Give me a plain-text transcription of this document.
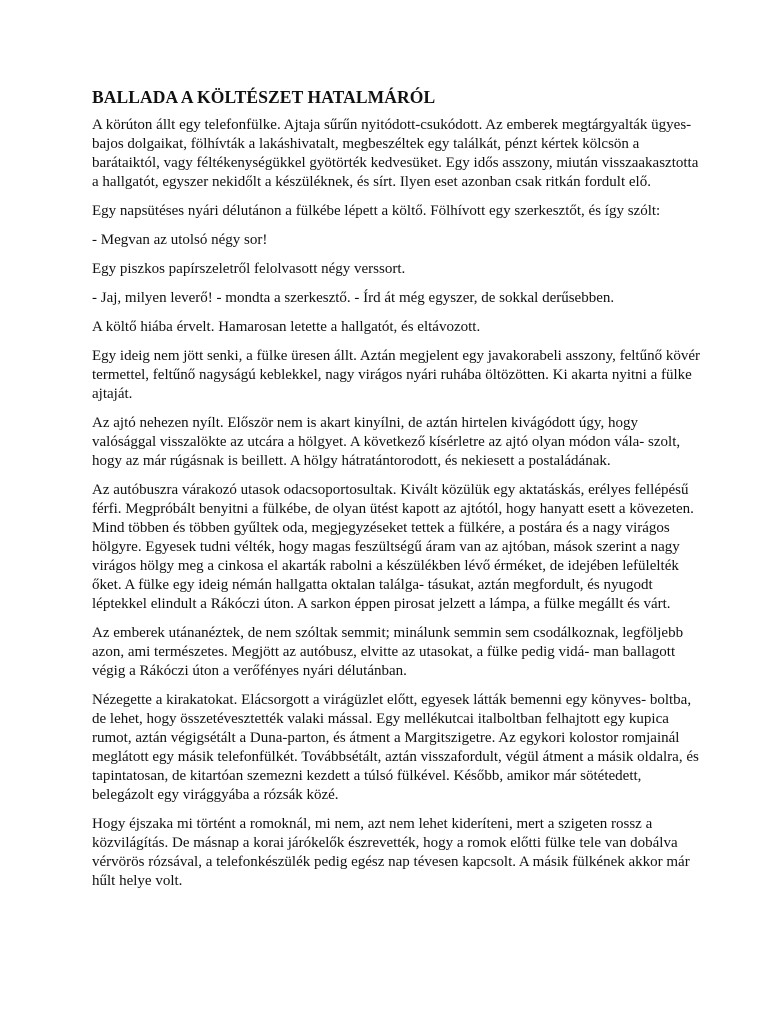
BALLADA A KÖLTÉSZET HATALMÁRÓL

A körúton állt egy telefonfülke. Ajtaja sűrűn nyitódott-csukódott. Az emberek megtárgyalták ügyes-bajos dolgaikat, fölhívták a lakáshivatalt, megbeszéltek egy találkát, pénzt kértek kölcsön a barátaiktól, vagy féltékenységükkel gyötörték kedvesüket. Egy idős asszony, miután visszaakasztotta a hallgatót, egyszer nekidőlt a készüléknek, és sírt. Ilyen eset azonban csak ritkán fordult elő.

Egy napsütéses nyári délutánon a fülkébe lépett a költő. Fölhívott egy szerkesztőt, és így szólt:

- Megvan az utolsó négy sor!

Egy piszkos papírszeletről felolvasott négy verssort.

- Jaj, milyen leverő! - mondta a szerkesztő. - Írd át még egyszer, de sokkal derűsebben.

A költő hiába érvelt. Hamarosan letette a hallgatót, és eltávozott.

Egy ideig nem jött senki, a fülke üresen állt. Aztán megjelent egy javakorabeli asszony, feltűnő kövér termettel, feltűnő nagyságú keblekkel, nagy virágos nyári ruhába öltözötten. Ki akarta nyitni a fülke ajtaját.

Az ajtó nehezen nyílt. Először nem is akart kinyílni, de aztán hirtelen kivágódott úgy, hogy valósággal visszalökte az utcára a hölgyet. A következő kísérletre az ajtó olyan módon vála- szolt, hogy az már rúgásnak is beillett. A hölgy hátratántorodott, és nekiesett a postaládának.

Az autóbuszra várakozó utasok odacsoportosultak. Kivált közülük egy aktatáskás, erélyes fellépésű férfi. Megpróbált benyitni a fülkébe, de olyan ütést kapott az ajtótól, hogy hanyatt esett a kövezeten. Mind többen és többen gyűltek oda, megjegyzéseket tettek a fülkére, a postára és a nagy virágos hölgyre. Egyesek tudni vélték, hogy magas feszültségű áram van az ajtóban, mások szerint a nagy virágos hölgy meg a cinkosa el akarták rabolni a készülékben lévő érméket, de idejében lefülelték őket. A fülke egy ideig némán hallgatta oktalan találga- tásukat, aztán megfordult, és nyugodt léptekkel elindult a Rákóczi úton. A sarkon éppen pirosat jelzett a lámpa, a fülke megállt és várt.

Az emberek utánanéztek, de nem szóltak semmit; minálunk semmin sem csodálkoznak, legföljebb azon, ami természetes. Megjött az autóbusz, elvitte az utasokat, a fülke pedig vidá- man ballagott végig a Rákóczi úton a verőfényes nyári délutánban.

Nézegette a kirakatokat. Elácsorgott a virágüzlet előtt, egyesek látták bemenni egy könyves- boltba, de lehet, hogy összetévesztették valaki mással. Egy mellékutcai italboltban felhajtott egy kupica rumot, aztán végigsétált a Duna-parton, és átment a Margitszigetre. Az egykori kolostor romjainál meglátott egy másik telefonfülkét. Továbbsétált, aztán visszafordult, végül átment a másik oldalra, és tapintatosan, de kitartóan szemezni kezdett a túlsó fülkével. Később, amikor már sötétedett, belegázolt egy virággyába a rózsák közé.

Hogy éjszaka mi történt a romoknál, mi nem, azt nem lehet kideríteni, mert a szigeten rossz a közvilágítás. De másnap a korai járókelők észrevették, hogy a romok előtti fülke tele van dobálva vérvörös rózsával, a telefonkészülék pedig egész nap tévesen kapcsolt. A másik fülkének akkor már hűlt helye volt.
